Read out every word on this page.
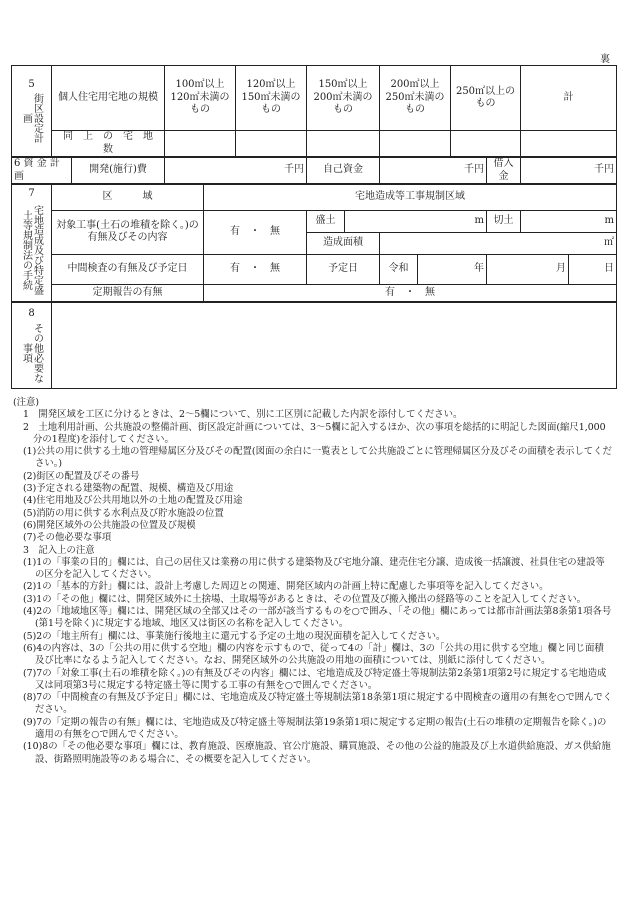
裏
5
街区設定計画	個人住宅用宅地の規模		100㎡以上120㎡未満のもの		120㎡以上150㎡未満のもの	150㎡以上200㎡未満のもの		200㎡以上250㎡未満のもの		250㎡以上のもの		計	
	同　上　の　宅　地　数												
6 資 金 計 画		開発(施行)費	千円			自己資金		千円			借入金	千円	

7
宅地造成及び特定盛土等規制法の手続	区　　　域			宅地造成等工事規制区域									
	対象工事(土石の堆積を除く。)の有無及びその内容			有　・　無		盛土	m				切土	m	
						造成面積		㎡					
	中間検査の有無及び予定日			有　・　無		予定日		令和	年		月		日
	定期報告の有無			有　・　無									

8
その他必要な事項													

(注意)

1　開発区域を工区に分けるときは、2～5欄について、別に工区別に記載した内訳を添付してください。

2　土地利用計画、公共施設の整備計画、街区設定計画については、3～5欄に記入するほか、次の事項を総括的に明記した図面(縮尺1,000分の1程度)を添付してください。

(1)公共の用に供する土地の管理帰属区分及びその配置(図面の余白に一覧表として公共施設ごとに管理帰属区分及びその面積を表示してください。)

(2)街区の配置及びその番号

(3)予定される建築物の配置、規模、構造及び用途

(4)住宅用地及び公共用地以外の土地の配置及び用途

(5)消防の用に供する水利点及び貯水施設の位置

(6)開発区域外の公共施設の位置及び規模

(7)その他必要な事項

3　記入上の注意

(1)1の「事業の目的」欄には、自己の居住又は業務の用に供する建築物及び宅地分譲、建売住宅分譲、造成後一括譲渡、社員住宅の建設等の区分を記入してください。

(2)1の「基本的方針」欄には、設計上考慮した周辺との関連、開発区域内の計画上特に配慮した事項等を記入してください。

(3)1の「その他」欄には、開発区域外に土捨場、土取場等があるときは、その位置及び搬入搬出の経路等のことを記入してください。

(4)2の「地域地区等」欄には、開発区域の全部又はその一部が該当するものを○で囲み、「その他」欄にあっては都市計画法第8条第1項各号(第1号を除く)に規定する地域、地区又は街区の名称を記入してください。

(5)2の「地主所有」欄には、事業施行後地主に還元する予定の土地の現況面積を記入してください。

(6)4の内容は、3の「公共の用に供する空地」欄の内容を示すもので、従って4の「計」欄は、3の「公共の用に供する空地」欄と同じ面積及び比率になるよう記入してください。なお、開発区域外の公共施設の用地の面積については、別紙に添付してください。

(7)7の「対象工事(土石の堆積を除く。)の有無及びその内容」欄には、宅地造成及び特定盛土等規制法第2条第1項第2号に規定する宅地造成又は同項第3号に規定する特定盛土等に関する工事の有無を○で囲んでください。

(8)7の「中間検査の有無及び予定日」欄には、宅地造成及び特定盛土等規制法第18条第1項に規定する中間検査の適用の有無を○で囲んでください。

(9)7の「定期の報告の有無」欄には、宅地造成及び特定盛土等規制法第19条第1項に規定する定期の報告(土石の堆積の定期報告を除く。)の適用の有無を○で囲んでください。

(10)8の「その他必要な事項」欄には、教育施設、医療施設、官公庁施設、購買施設、その他の公益的施設及び上水道供給施設、ガス供給施設、街路照明施設等のある場合に、その概要を記入してください。
